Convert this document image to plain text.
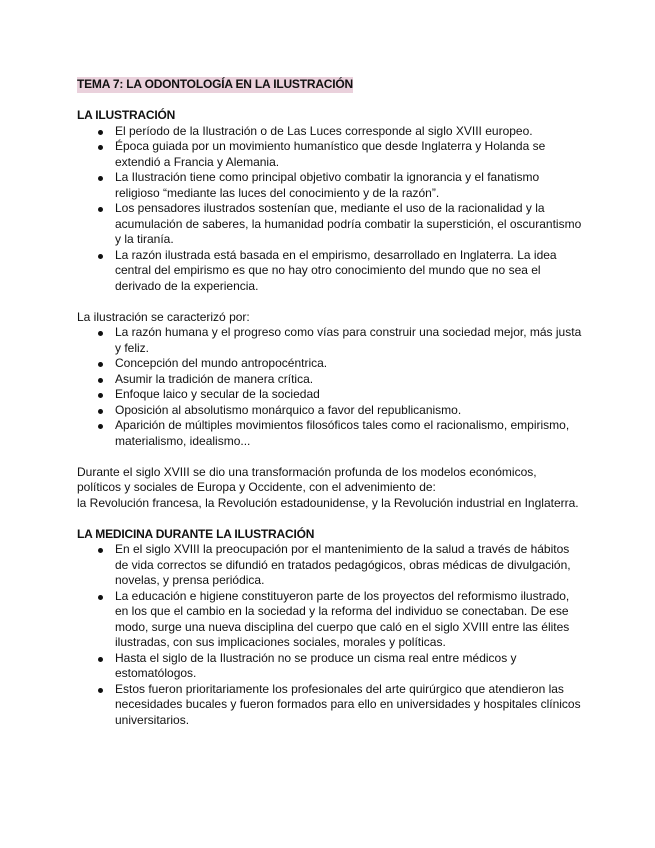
TEMA 7: LA ODONTOLOGÍA EN LA ILUSTRACIÓN
LA ILUSTRACIÓN
El período de la Ilustración o de Las Luces corresponde al siglo XVIII europeo.
Época guiada por un movimiento humanístico que desde Inglaterra y Holanda se extendió a Francia y Alemania.
La Ilustración tiene como principal objetivo combatir la ignorancia y el fanatismo religioso “mediante las luces del conocimiento y de la razón”.
Los pensadores ilustrados sostenían que, mediante el uso de la racionalidad y la acumulación de saberes, la humanidad podría combatir la superstición, el oscurantismo y la tiranía.
La razón ilustrada está basada en el empirismo, desarrollado en Inglaterra. La idea central del empirismo es que no hay otro conocimiento del mundo que no sea el derivado de la experiencia.

La ilustración se caracterizó por:

La razón humana y el progreso como vías para construir una sociedad mejor, más justa y feliz.
Concepción del mundo antropocéntrica.
Asumir la tradición de manera crítica.
Enfoque laico y secular de la sociedad
Oposición al absolutismo monárquico a favor del republicanismo.
Aparición de múltiples movimientos filosóficos tales como el racionalismo, empirismo, materialismo, idealismo...

Durante el siglo XVIII se dio una transformación profunda de los modelos económicos, políticos y sociales de Europa y Occidente, con el advenimiento de:

la Revolución francesa, la Revolución estadounidense, y la Revolución industrial en Inglaterra.

LA MEDICINA DURANTE LA ILUSTRACIÓN
En el siglo XVIII la preocupación por el mantenimiento de la salud a través de hábitos de vida correctos se difundió en tratados pedagógicos, obras médicas de divulgación, novelas, y prensa periódica.
La educación e higiene constituyeron parte de los proyectos del reformismo ilustrado, en los que el cambio en la sociedad y la reforma del individuo se conectaban. De ese modo, surge una nueva disciplina del cuerpo que caló en el siglo XVIII entre las élites ilustradas, con sus implicaciones sociales, morales y políticas.
Hasta el siglo de la Ilustración no se produce un cisma real entre médicos y estomatólogos.
Estos fueron prioritariamente los profesionales del arte quirúrgico que atendieron las necesidades bucales y fueron formados para ello en universidades y hospitales clínicos universitarios.
